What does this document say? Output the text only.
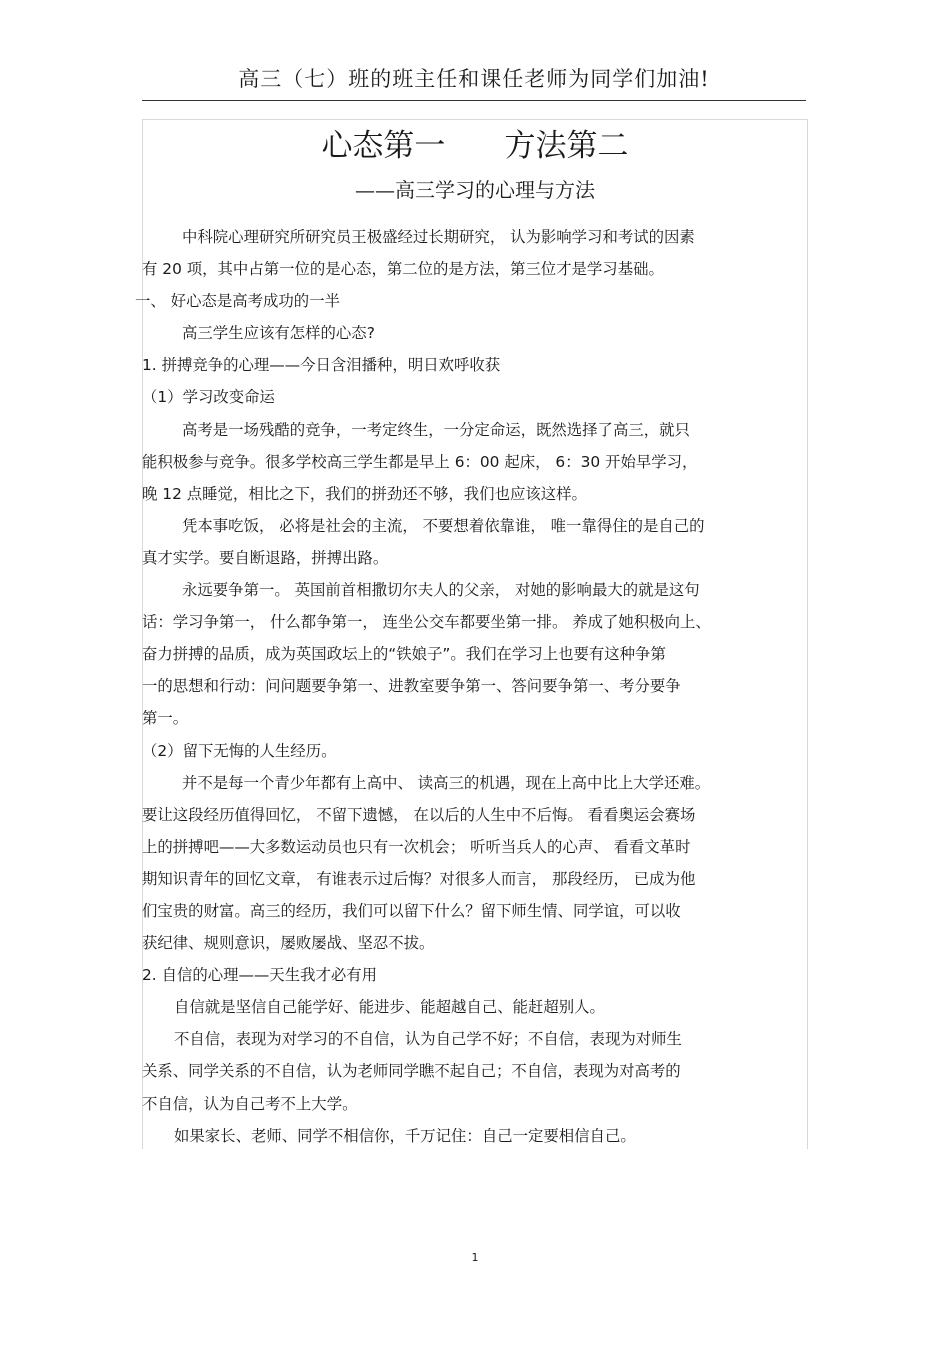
高三（七）班的班主任和课任老师为同学们加油!
心态第一      方法第二
——高三学习的心理与方法
中科院心理研究所研究员王极盛经过长期研究， 认为影响学习和考试的因素
有 20 项，其中占第一位的是心态，第二位的是方法，第三位才是学习基础。
一、 好心态是高考成功的一半
高三学生应该有怎样的心态?
1. 拼搏竞争的心理——今日含泪播种，明日欢呼收获
（1）学习改变命运
高考是一场残酷的竞争，一考定终生，一分定命运，既然选择了高三，就只
能积极参与竞争。很多学校高三学生都是早上 6：00 起床， 6：30 开始早学习，
晚 12 点睡觉，相比之下，我们的拼劲还不够，我们也应该这样。
凭本事吃饭， 必将是社会的主流， 不要想着依靠谁， 唯一靠得住的是自己的
真才实学。要自断退路，拼搏出路。
永远要争第一。 英国前首相撒切尔夫人的父亲， 对她的影响最大的就是这句
话：学习争第一， 什么都争第一， 连坐公交车都要坐第一排。 养成了她积极向上、
奋力拼搏的品质，成为英国政坛上的“铁娘子”。我们在学习上也要有这种争第
一的思想和行动：问问题要争第一、进教室要争第一、答问要争第一、考分要争
第一。
（2）留下无悔的人生经历。
并不是每一个青少年都有上高中、 读高三的机遇，现在上高中比上大学还难。
要让这段经历值得回忆， 不留下遗憾， 在以后的人生中不后悔。 看看奥运会赛场
上的拼搏吧——大多数运动员也只有一次机会； 听听当兵人的心声、 看看文革时
期知识青年的回忆文章， 有谁表示过后悔？对很多人而言， 那段经历， 已成为他
们宝贵的财富。高三的经历，我们可以留下什么？留下师生情、同学谊，可以收
获纪律、规则意识，屡败屡战、坚忍不拔。
2. 自信的心理——天生我才必有用
自信就是坚信自己能学好、能进步、能超越自己、能赶超别人。
不自信，表现为对学习的不自信，认为自己学不好；不自信，表现为对师生
关系、同学关系的不自信，认为老师同学瞧不起自己；不自信，表现为对高考的
不自信，认为自己考不上大学。
如果家长、老师、同学不相信你，千万记住：自己一定要相信自己。
1
